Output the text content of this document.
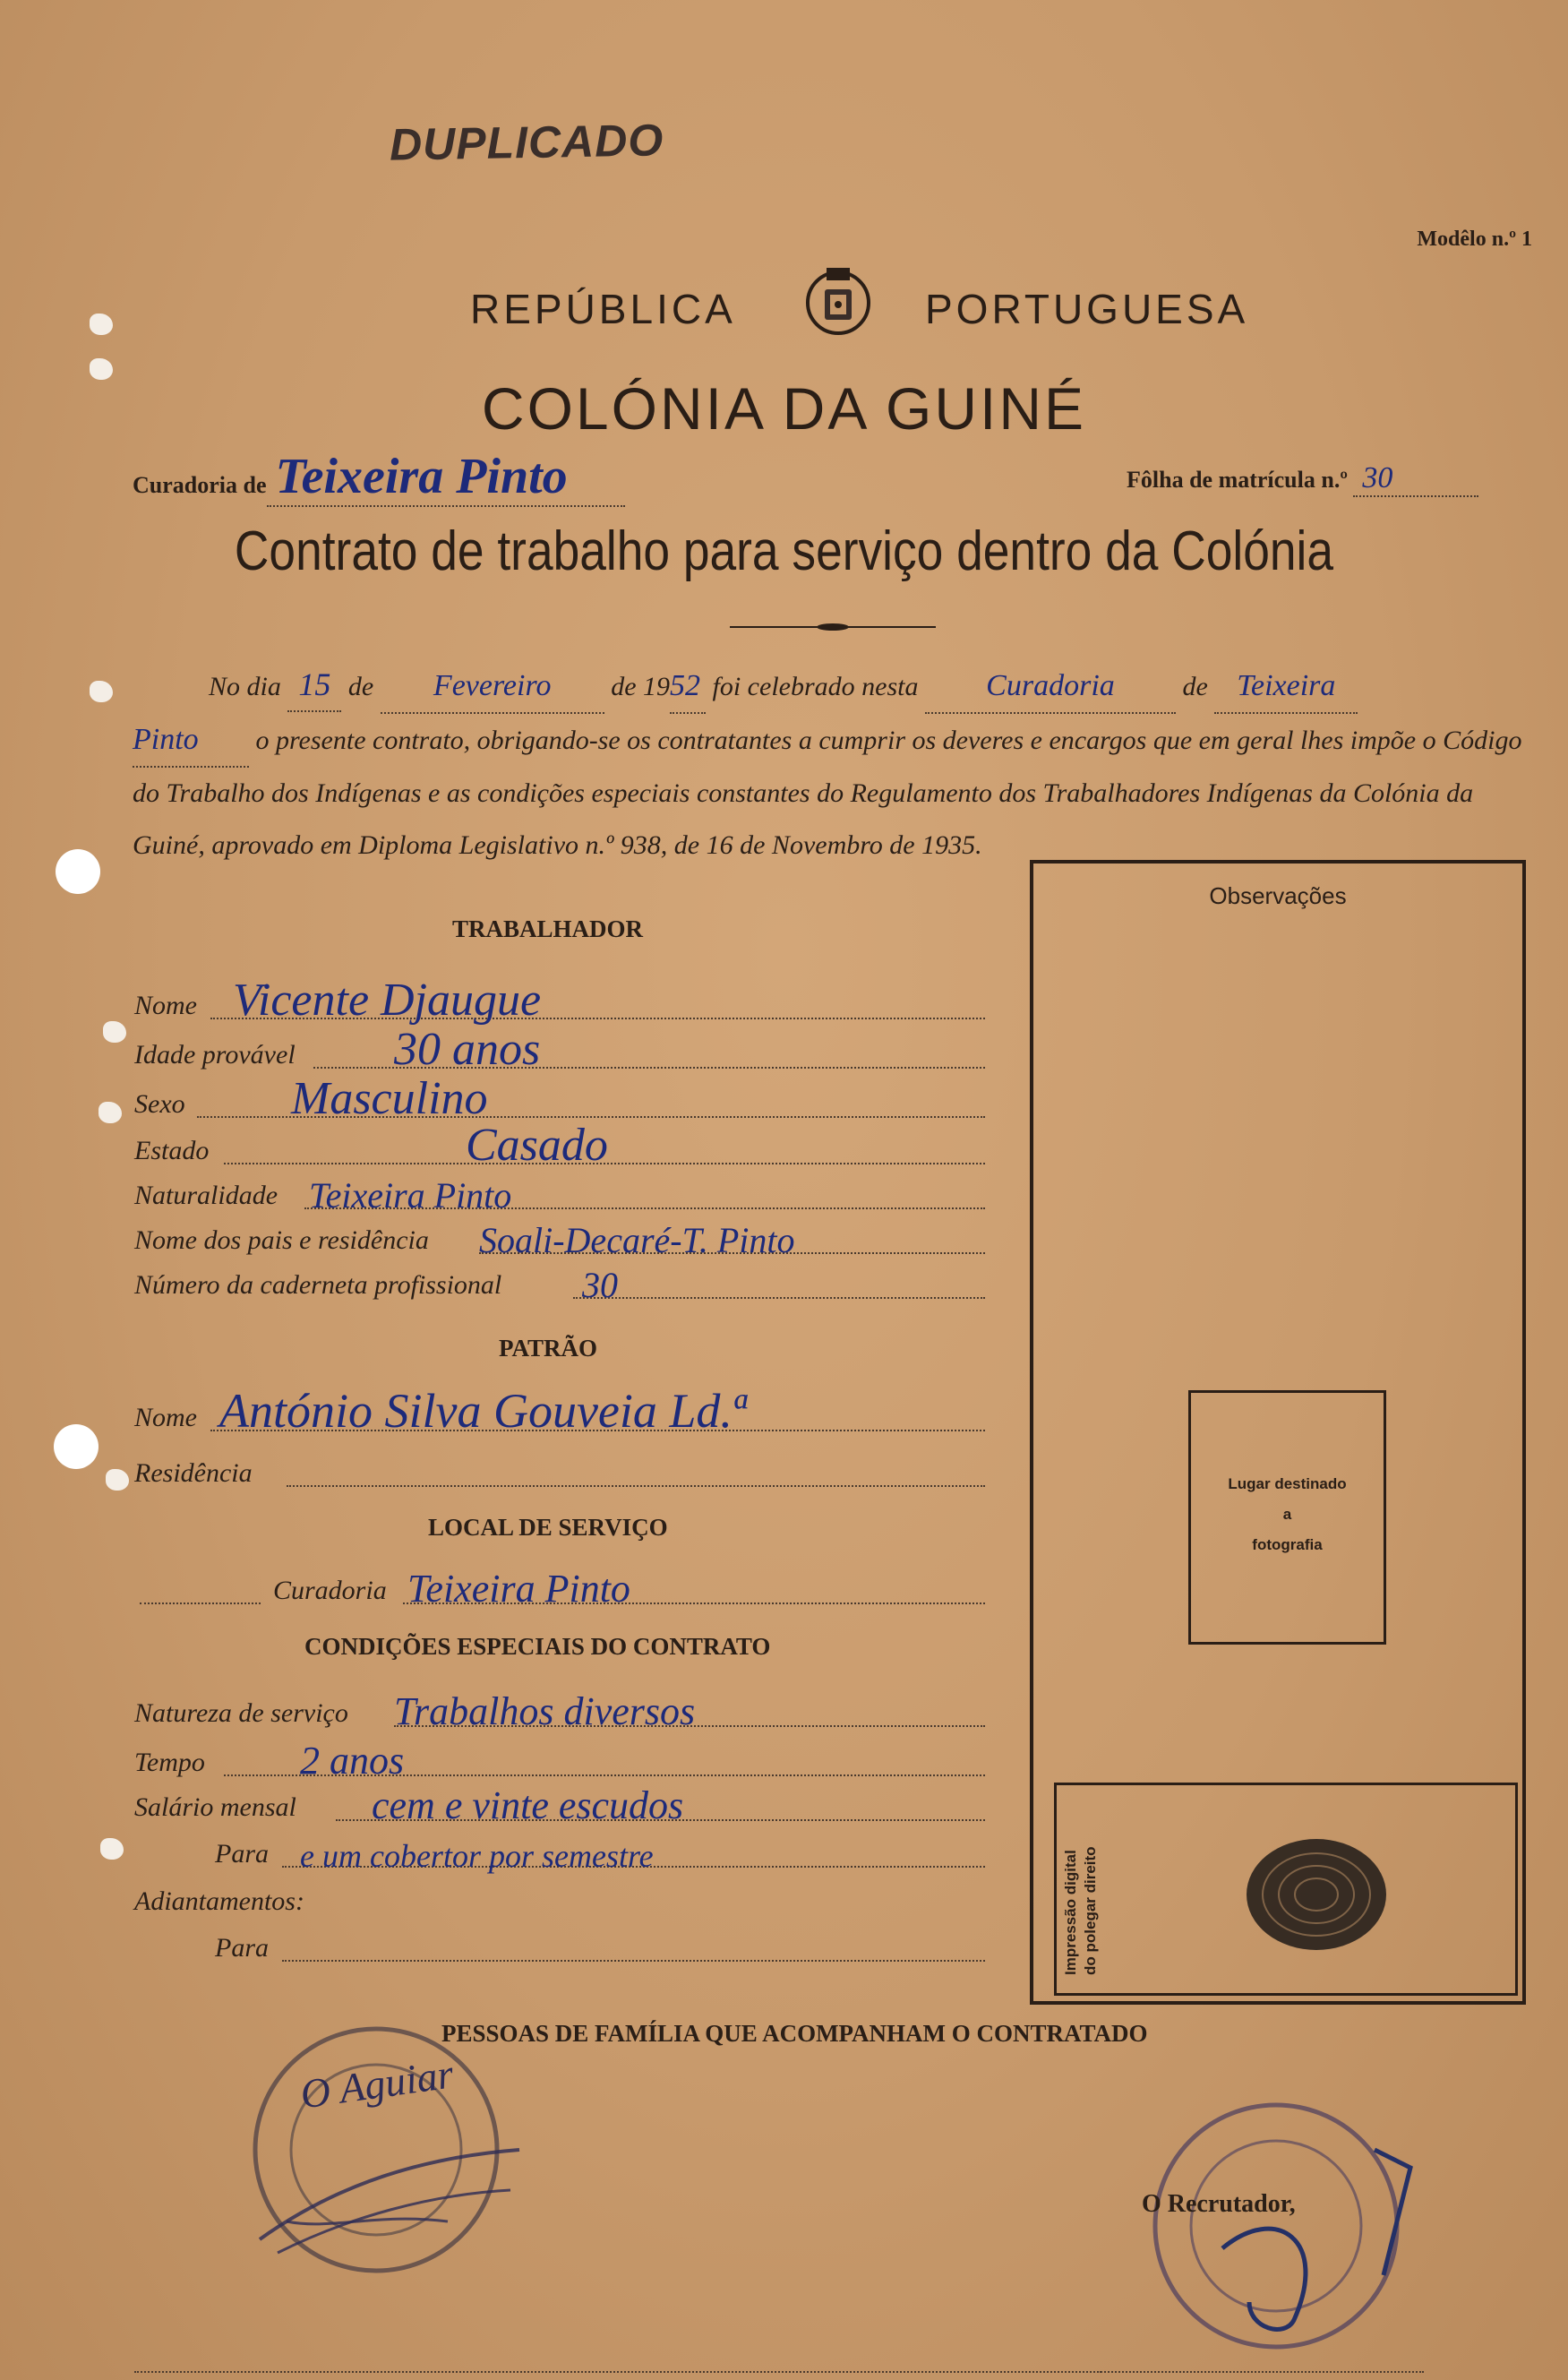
DUPLICADO
Modêlo n.º 1
REPÚBLICA	PORTUGUESA
COLÓNIA DA GUINÉ
Curadoria de Teixeira Pinto	Fôlha de matrícula n.º 30
Contrato de trabalho para serviço dentro da Colónia
No dia 15 de Fevereiro de 1952 foi celebrado nesta Curadoria	de Teixeira
Pinto o presente contrato, obrigando-se os contratantes a cumprir os deveres e encargos que em geral lhes impõe o Código do Trabalho dos Indígenas e as condições especiais constantes do Regulamento dos Trabalhadores Indígenas da Colónia da Guiné, aprovado em Diploma Legislativo n.º 938, de 16 de Novembro de 1935.
Observações
Lugar destinado
a
fotografia
Impressão digital do polegar direito
TRABALHADOR
Nome Vicente Djaugue
Idade provável 30 anos
Sexo Masculino
Estado	Casado
Naturalidade Teixeira Pinto
Nome dos pais e residência Soali-Decaré-T. Pinto
Número da caderneta profissional 30
PATRÃO
Nome António Silva Gouveia Ld.ª
Residência
LOCAL DE SERVIÇO
Curadoria Teixeira Pinto
CONDIÇÕES ESPECIAIS DO CONTRATO
Natureza de serviço Trabalhos diversos
Tempo 2 anos
Salário mensal cem e vinte escudos
Para e um cobertor por semestre
Adiantamentos:
Para
PESSOAS DE FAMÍLIA QUE ACOMPANHAM O CONTRATADO
O Aguiar
O Recrutador,
